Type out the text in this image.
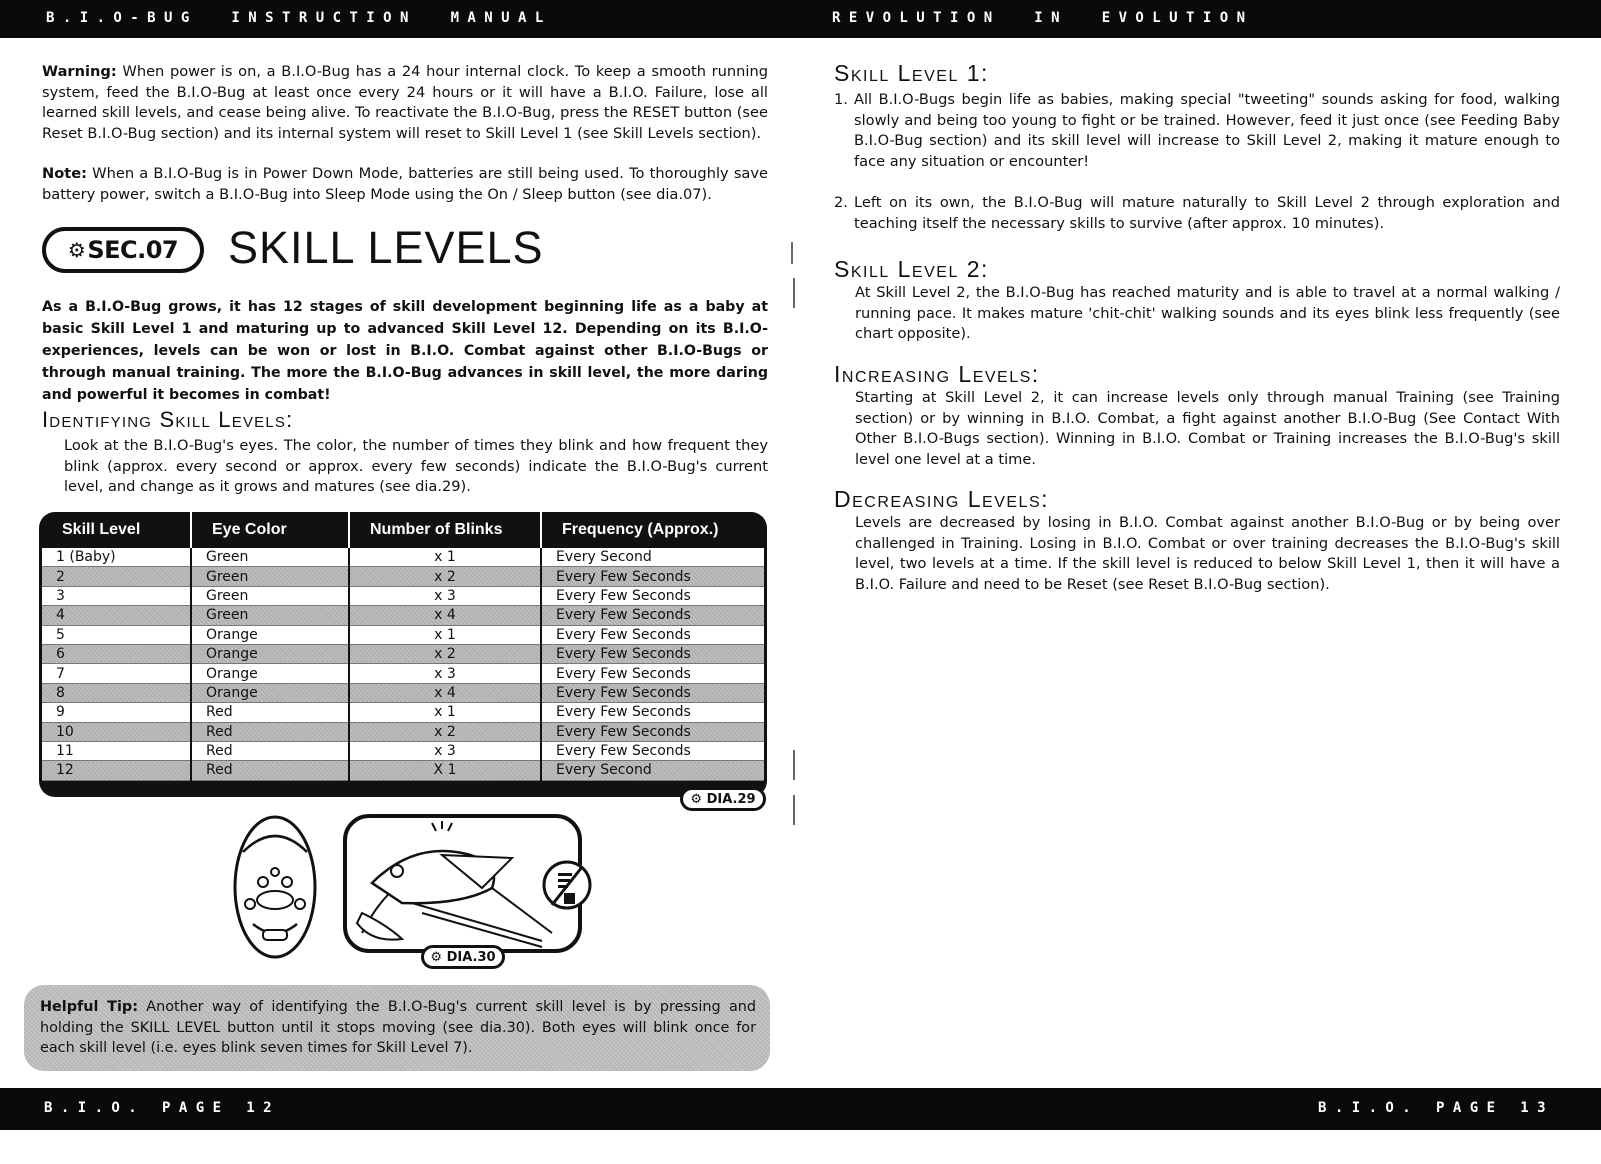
B . I . O - B U G     I N S T R U C T I O N     M A N U A L	R E V O L U T I O N     I N     E V O L U T I O N

Warning: When power is on, a B.I.O-Bug has a 24 hour internal clock. To keep a smooth running system, feed the B.I.O-Bug at least once every 24 hours or it will have a B.I.O. Failure, lose all learned skill levels, and cease being alive. To reactivate the B.I.O-Bug, press the RESET button (see Reset B.I.O-Bug section) and its internal system will reset to Skill Level 1 (see Skill Levels section).

Note: When a B.I.O-Bug is in Power Down Mode, batteries are still being used. To thoroughly save battery power, switch a B.I.O-Bug into Sleep Mode using the On / Sleep button (see dia.07).

⚙ SEC.07 SKILL LEVELS

As a B.I.O-Bug grows, it has 12 stages of skill development beginning life as a baby at basic Skill Level 1 and maturing up to advanced Skill Level 12. Depending on its B.I.O-experiences, levels can be won or lost in B.I.O. Combat against other B.I.O-Bugs or through manual training. The more the B.I.O-Bug advances in skill level, the more daring and powerful it becomes in combat!

Identifying Skill Levels:

Look at the B.I.O-Bug's eyes. The color, the number of times they blink and how frequent they blink (approx. every second or approx. every few seconds) indicate the B.I.O-Bug's current level, and change as it grows and matures (see dia.29).

Skill Level	Eye Color	Number of Blinks	Frequency (Approx.)
1 (Baby)	Green	x 1	Every Second
2	Green	x 2	Every Few Seconds
3	Green	x 3	Every Few Seconds
4	Green	x 4	Every Few Seconds
5	Orange	x 1	Every Few Seconds
6	Orange	x 2	Every Few Seconds
7	Orange	x 3	Every Few Seconds
8	Orange	x 4	Every Few Seconds
9	Red	x 1	Every Few Seconds
10	Red	x 2	Every Few Seconds
11	Red	x 3	Every Few Seconds
12	Red	X 1	Every Second
⚙
DIA.29
⚙
DIA.30
Helpful Tip: Another way of identifying the B.I.O-Bug's current skill level is by pressing and holding the SKILL LEVEL button until it stops moving (see dia.30). Both eyes will blink once for each skill level (i.e. eyes blink seven times for Skill Level 7).
Skill Level 1:
1. All B.I.O-Bugs begin life as babies, making special "tweeting" sounds asking for food, walking slowly and being too young to fight or be trained. However, feed it just once (see Feeding Baby B.I.O-Bug section) and its skill level will increase to Skill Level 2, making it mature enough to face any situation or encounter!
2. Left on its own, the B.I.O-Bug will mature naturally to Skill Level 2 through exploration and teaching itself the necessary skills to survive (after approx. 10 minutes).
Skill Level 2:
At Skill Level 2, the B.I.O-Bug has reached maturity and is able to travel at a normal walking / running pace. It makes mature 'chit-chit' walking sounds and its eyes blink less frequently (see chart opposite).
Increasing Levels:
Starting at Skill Level 2, it can increase levels only through manual Training (see Training section) or by winning in B.I.O. Combat, a fight against another B.I.O-Bug (See Contact With Other B.I.O-Bugs section). Winning in B.I.O. Combat or Training increases the B.I.O-Bug's skill level one level at a time.
Decreasing Levels:
Levels are decreased by losing in B.I.O. Combat against another B.I.O-Bug or by being over challenged in Training. Losing in B.I.O. Combat or over training decreases the B.I.O-Bug's skill level, two levels at a time. If the skill level is reduced to below Skill Level 1, then it will have a B.I.O. Failure and need to be Reset (see Reset B.I.O-Bug section).
B . I . O .   P A G E   1 2	B . I . O .   P A G E   1 3
